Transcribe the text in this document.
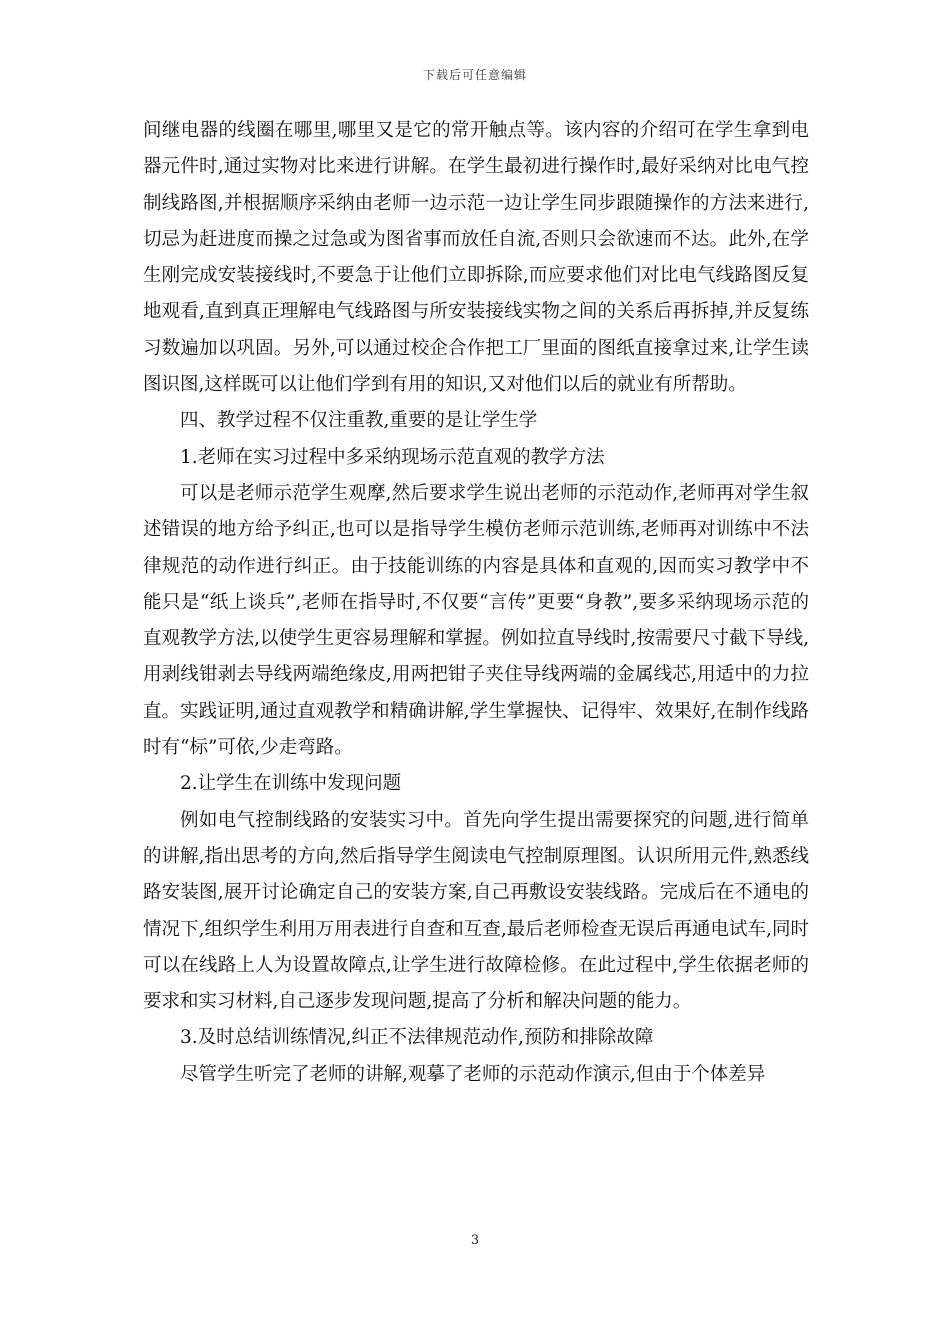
下载后可任意编辑

间继电器的线圈在哪里,哪里又是它的常开触点等。该内容的介绍可在学生拿到电器元件时,通过实物对比来进行讲解。在学生最初进行操作时,最好采纳对比电气控制线路图,并根据顺序采纳由老师一边示范一边让学生同步跟随操作的方法来进行,切忌为赶进度而操之过急或为图省事而放任自流,否则只会欲速而不达。此外,在学生刚完成安装接线时,不要急于让他们立即拆除,而应要求他们对比电气线路图反复地观看,直到真正理解电气线路图与所安装接线实物之间的关系后再拆掉,并反复练习数遍加以巩固。另外,可以通过校企合作把工厂里面的图纸直接拿过来,让学生读图识图,这样既可以让他们学到有用的知识,又对他们以后的就业有所帮助。

四、教学过程不仅注重教,重要的是让学生学

1.老师在实习过程中多采纳现场示范直观的教学方法

可以是老师示范学生观摩,然后要求学生说出老师的示范动作,老师再对学生叙述错误的地方给予纠正,也可以是指导学生模仿老师示范训练,老师再对训练中不法律规范的动作进行纠正。由于技能训练的内容是具体和直观的,因而实习教学中不能只是“纸上谈兵”,老师在指导时,不仅要“言传”更要“身教”,要多采纳现场示范的直观教学方法,以使学生更容易理解和掌握。例如拉直导线时,按需要尺寸截下导线,用剥线钳剥去导线两端绝缘皮,用两把钳子夹住导线两端的金属线芯,用适中的力拉直。实践证明,通过直观教学和精确讲解,学生掌握快、记得牢、效果好,在制作线路时有“标”可依,少走弯路。

2.让学生在训练中发现问题

例如电气控制线路的安装实习中。首先向学生提出需要探究的问题,进行简单的讲解,指出思考的方向,然后指导学生阅读电气控制原理图。认识所用元件,熟悉线路安装图,展开讨论确定自己的安装方案,自己再敷设安装线路。完成后在不通电的情况下,组织学生利用万用表进行自查和互查,最后老师检查无误后再通电试车,同时可以在线路上人为设置故障点,让学生进行故障检修。在此过程中,学生依据老师的要求和实习材料,自己逐步发现问题,提高了分析和解决问题的能力。

3.及时总结训练情况,纠正不法律规范动作,预防和排除故障

尽管学生听完了老师的讲解,观摹了老师的示范动作演示,但由于个体差异

3
